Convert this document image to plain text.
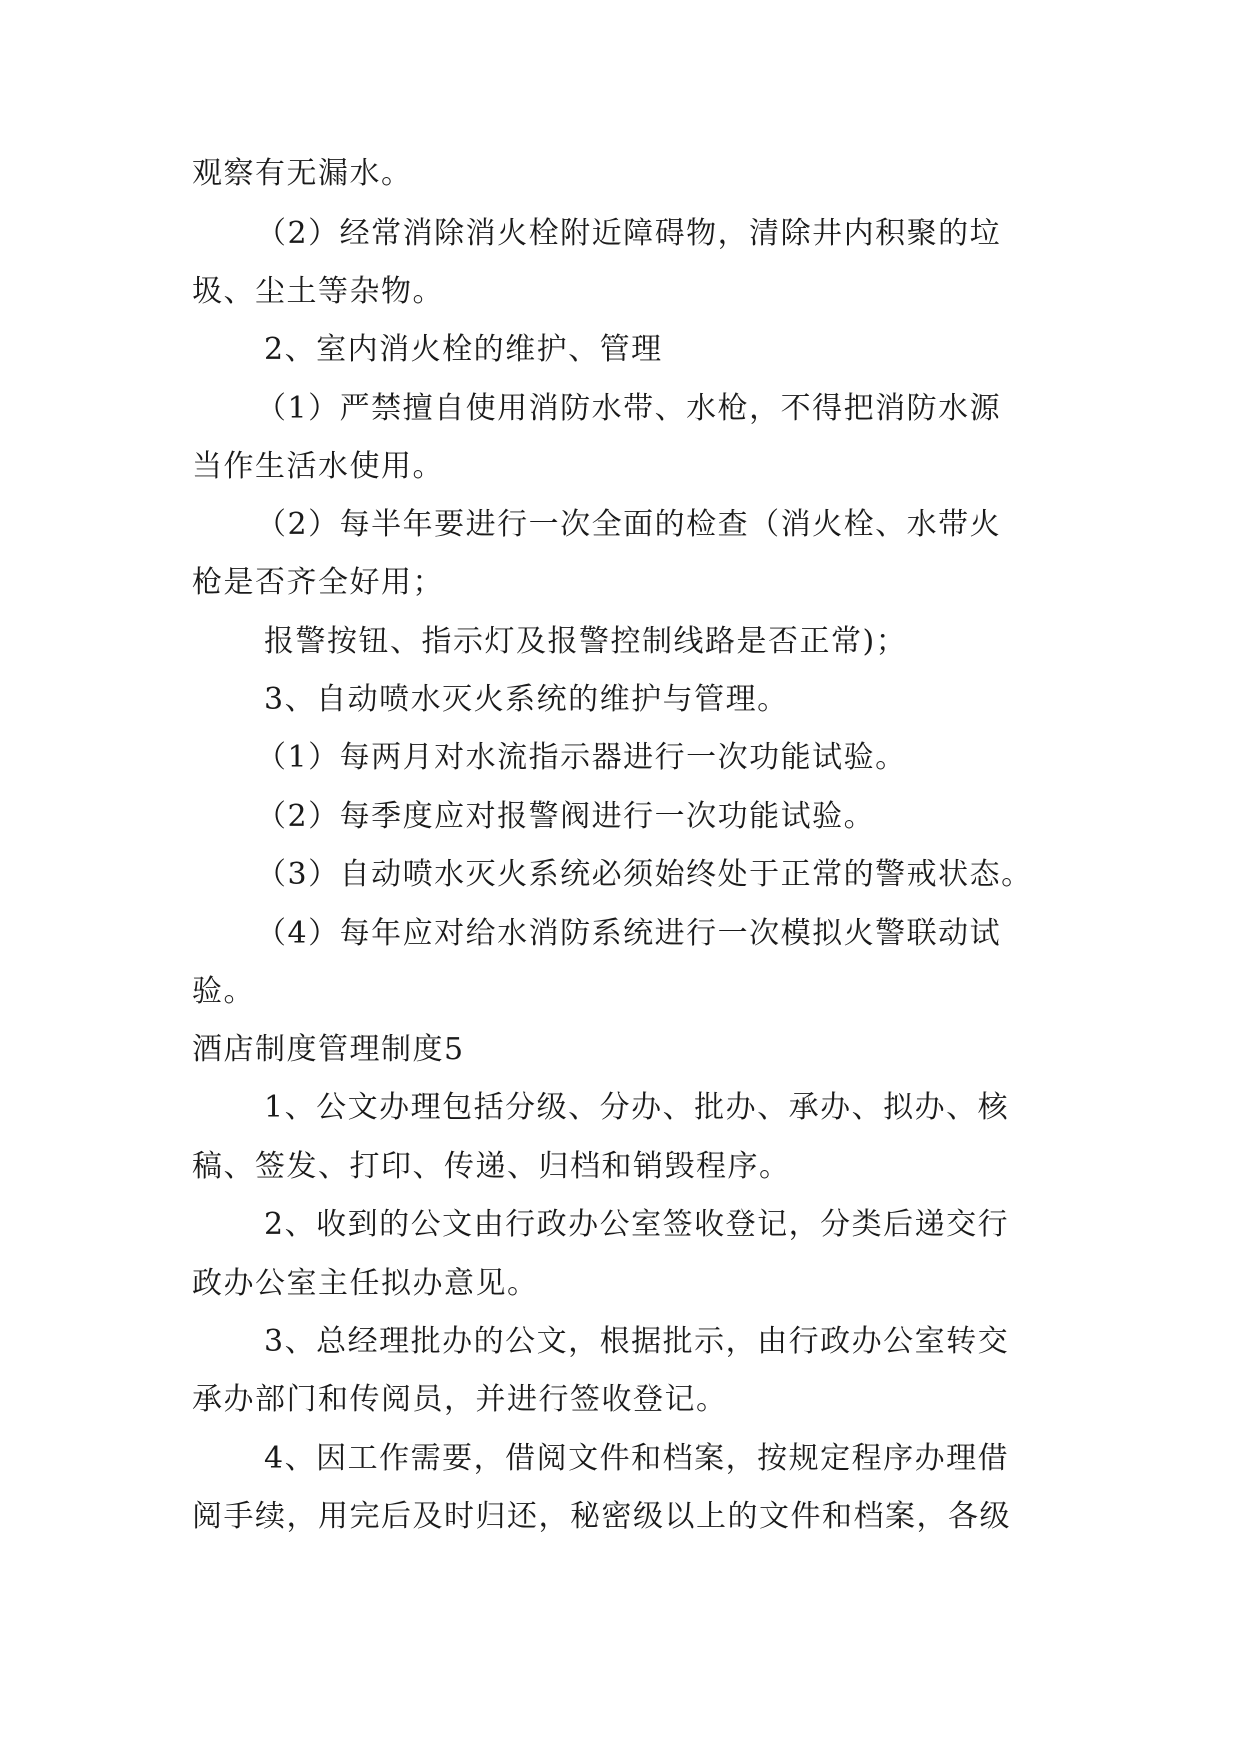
观察有无漏水。
（2）经常消除消火栓附近障碍物，清除井内积聚的垃
圾、尘土等杂物。
2、室内消火栓的维护、管理
（1）严禁擅自使用消防水带、水枪，不得把消防水源
当作生活水使用。
（2）每半年要进行一次全面的检查（消火栓、水带火
枪是否齐全好用；
报警按钮、指示灯及报警控制线路是否正常)；
3、自动喷水灭火系统的维护与管理。
（1）每两月对水流指示器进行一次功能试验。
（2）每季度应对报警阀进行一次功能试验。
（3）自动喷水灭火系统必须始终处于正常的警戒状态。
（4）每年应对给水消防系统进行一次模拟火警联动试
验。
酒店制度管理制度5
1、公文办理包括分级、分办、批办、承办、拟办、核
稿、签发、打印、传递、归档和销毁程序。
2、收到的公文由行政办公室签收登记，分类后递交行
政办公室主任拟办意见。
3、总经理批办的公文，根据批示，由行政办公室转交
承办部门和传阅员，并进行签收登记。
4、因工作需要，借阅文件和档案，按规定程序办理借
阅手续，用完后及时归还，秘密级以上的文件和档案，各级
